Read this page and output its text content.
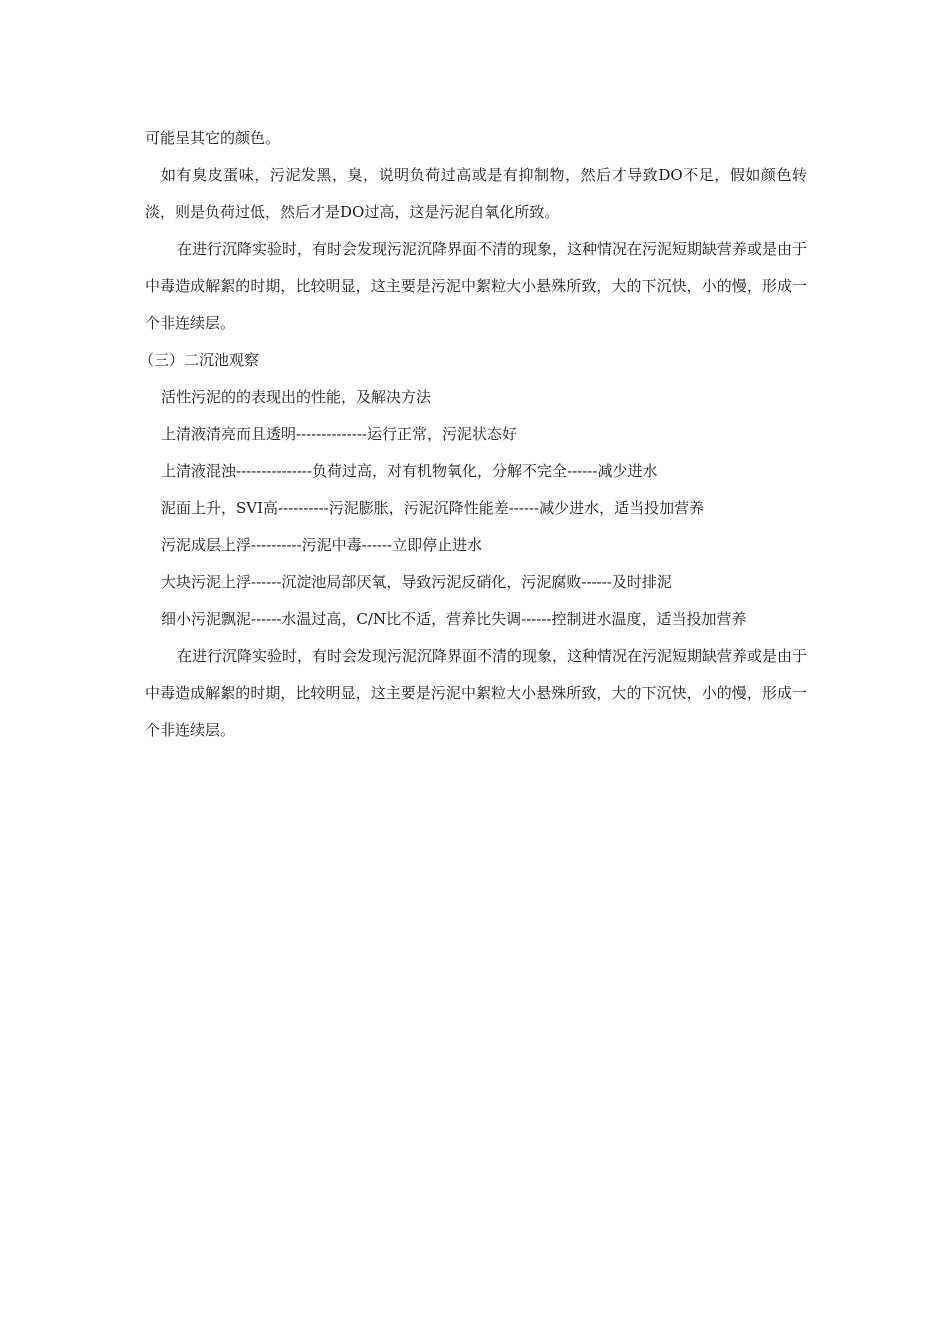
可能呈其它的颜色。

如有臭皮蛋味，污泥发黑，臭，说明负荷过高或是有抑制物，然后才导致DO不足，假如颜色转淡，则是负荷过低，然后才是DO过高，这是污泥自氧化所致。

在进行沉降实验时，有时会发现污泥沉降界面不清的现象，这种情况在污泥短期缺营养或是由于中毒造成解絮的时期，比较明显，这主要是污泥中絮粒大小悬殊所致，大的下沉快，小的慢，形成一个非连续层。

（三）二沉池观察

活性污泥的的表现出的性能，及解决方法

上清液清亮而且透明--------------运行正常，污泥状态好

上清液混浊---------------负荷过高，对有机物氧化，分解不完全------减少进水

泥面上升，SVI高----------污泥膨胀，污泥沉降性能差------减少进水，适当投加营养

污泥成层上浮----------污泥中毒------立即停止进水

大块污泥上浮------沉淀池局部厌氧，导致污泥反硝化，污泥腐败------及时排泥

细小污泥飘泥------水温过高，C/N比不适，营养比失调------控制进水温度，适当投加营养

在进行沉降实验时，有时会发现污泥沉降界面不清的现象，这种情况在污泥短期缺营养或是由于中毒造成解絮的时期，比较明显，这主要是污泥中絮粒大小悬殊所致，大的下沉快，小的慢，形成一个非连续层。
